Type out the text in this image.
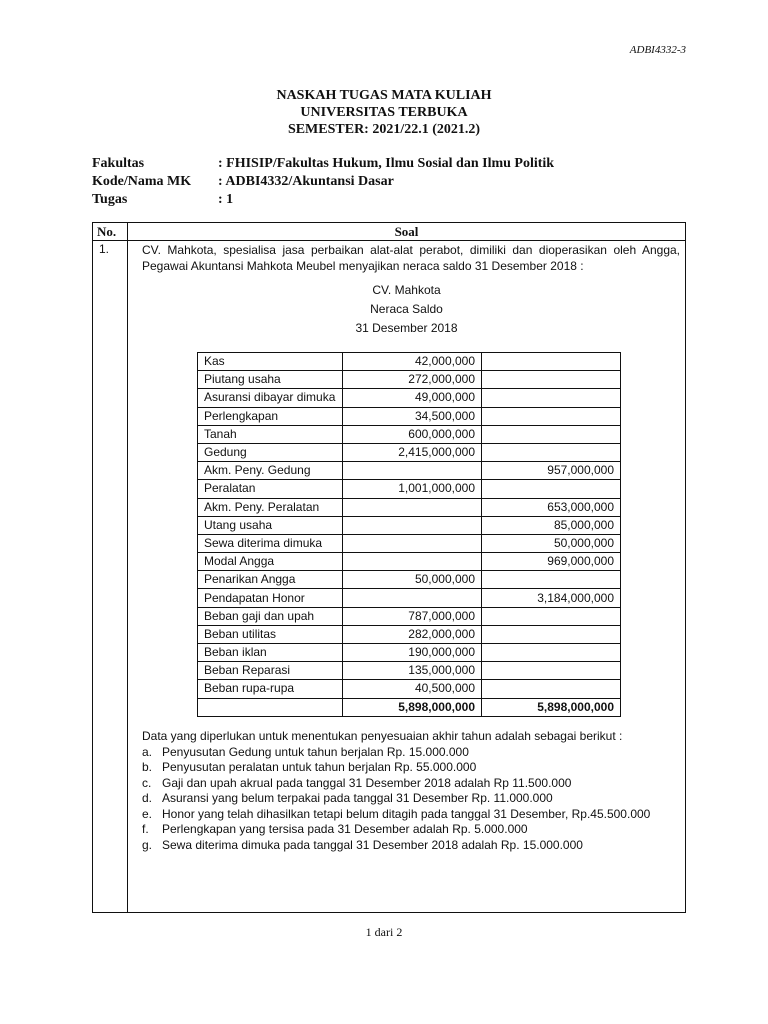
ADBI4332-3
NASKAH TUGAS MATA KULIAH
UNIVERSITAS TERBUKA
SEMESTER: 2021/22.1 (2021.2)
Fakultas	: FHISIP/Fakultas Hukum, Ilmu Sosial dan Ilmu Politik
Kode/Nama MK	: ADBI4332/Akuntansi Dasar
Tugas	: 1
No.	Soal
1.	CV. Mahkota, spesialisa jasa perbaikan alat-alat perabot, dimiliki dan dioperasikan oleh Angga, Pegawai Akuntansi Mahkota Meubel menyajikan neraca saldo 31 Desember 2018 :
CV. Mahkota
Neraca Saldo
31 Desember 2018
Kas	42,000,000	
Piutang usaha	272,000,000	
Asuransi dibayar dimuka	49,000,000	
Perlengkapan	34,500,000	
Tanah	600,000,000	
Gedung	2,415,000,000	
Akm. Peny. Gedung		957,000,000
Peralatan	1,001,000,000	
Akm. Peny. Peralatan		653,000,000
Utang usaha		85,000,000
Sewa diterima dimuka		50,000,000
Modal Angga		969,000,000
Penarikan Angga	50,000,000	
Pendapatan Honor		3,184,000,000
Beban gaji dan upah	787,000,000	
Beban utilitas	282,000,000	
Beban iklan	190,000,000	
Beban Reparasi	135,000,000	
Beban rupa-rupa	40,500,000	
	5,898,000,000	5,898,000,000
Data yang diperlukan untuk menentukan penyesuaian akhir tahun adalah sebagai berikut :
a. Penyusutan Gedung untuk tahun berjalan Rp. 15.000.000
b. Penyusutan peralatan untuk tahun berjalan Rp. 55.000.000
c. Gaji dan upah akrual pada tanggal 31 Desember 2018 adalah Rp 11.500.000
d. Asuransi yang belum terpakai pada tanggal 31 Desember Rp. 11.000.000
e. Honor yang telah dihasilkan tetapi belum ditagih pada tanggal 31 Desember, Rp.45.500.000
f.	Perlengkapan yang tersisa pada 31 Desember adalah Rp. 5.000.000
g. Sewa diterima dimuka pada tanggal 31 Desember 2018 adalah Rp. 15.000.000
1 dari 2
